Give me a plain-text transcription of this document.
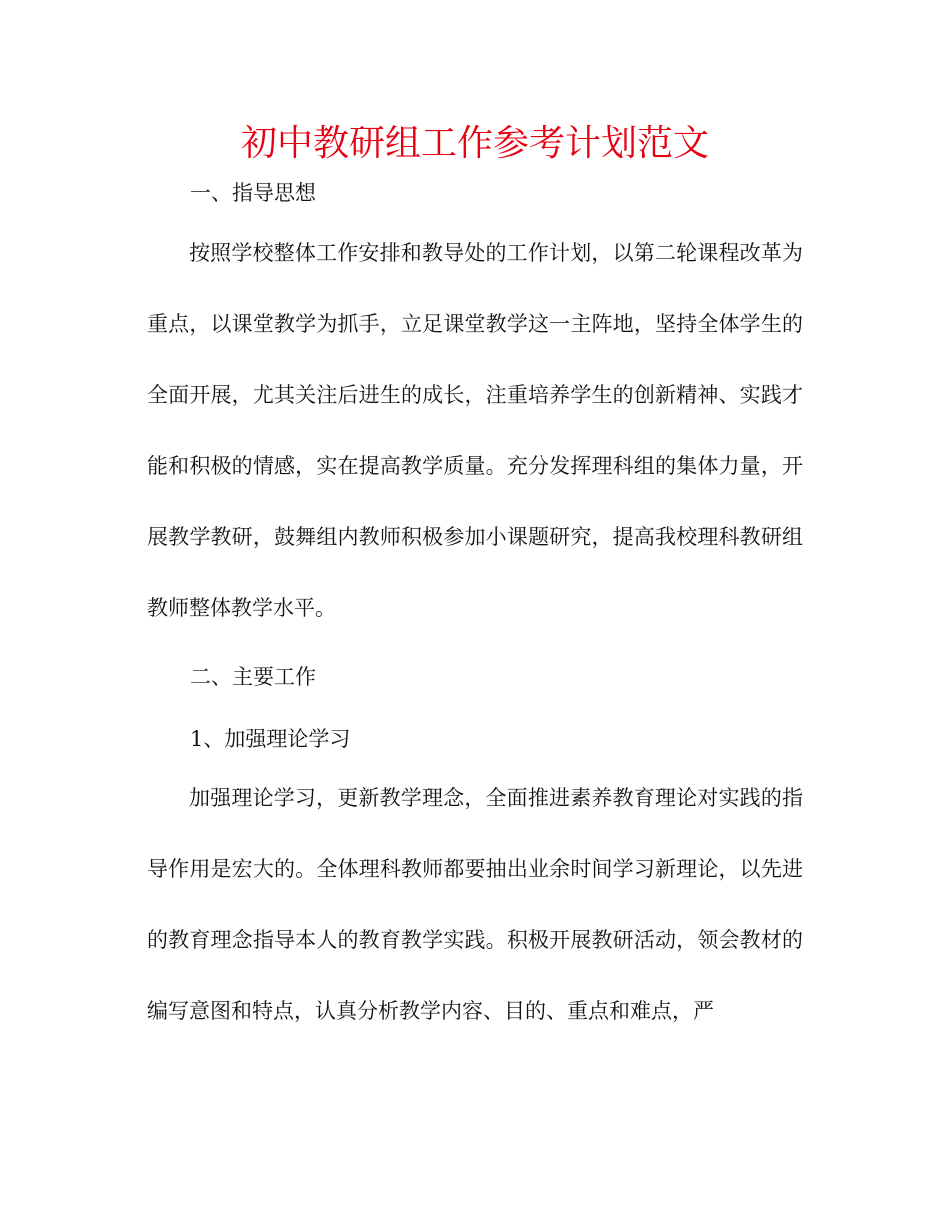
初中教研组工作参考计划范文
一、指导思想

按照学校整体工作安排和教导处的工作计划，以第二轮课程改革为重点，以课堂教学为抓手，立足课堂教学这一主阵地，坚持全体学生的全面开展，尤其关注后进生的成长，注重培养学生的创新精神、实践才能和积极的情感，实在提高教学质量。充分发挥理科组的集体力量，开展教学教研，鼓舞组内教师积极参加小课题研究，提高我校理科教研组教师整体教学水平。

二、主要工作
1、加强理论学习

加强理论学习，更新教学理念，全面推进素养教育理论对实践的指导作用是宏大的。全体理科教师都要抽出业余时间学习新理论，以先进的教育理念指导本人的教育教学实践。积极开展教研活动，领会教材的编写意图和特点，认真分析教学内容、目的、重点和难点，严
